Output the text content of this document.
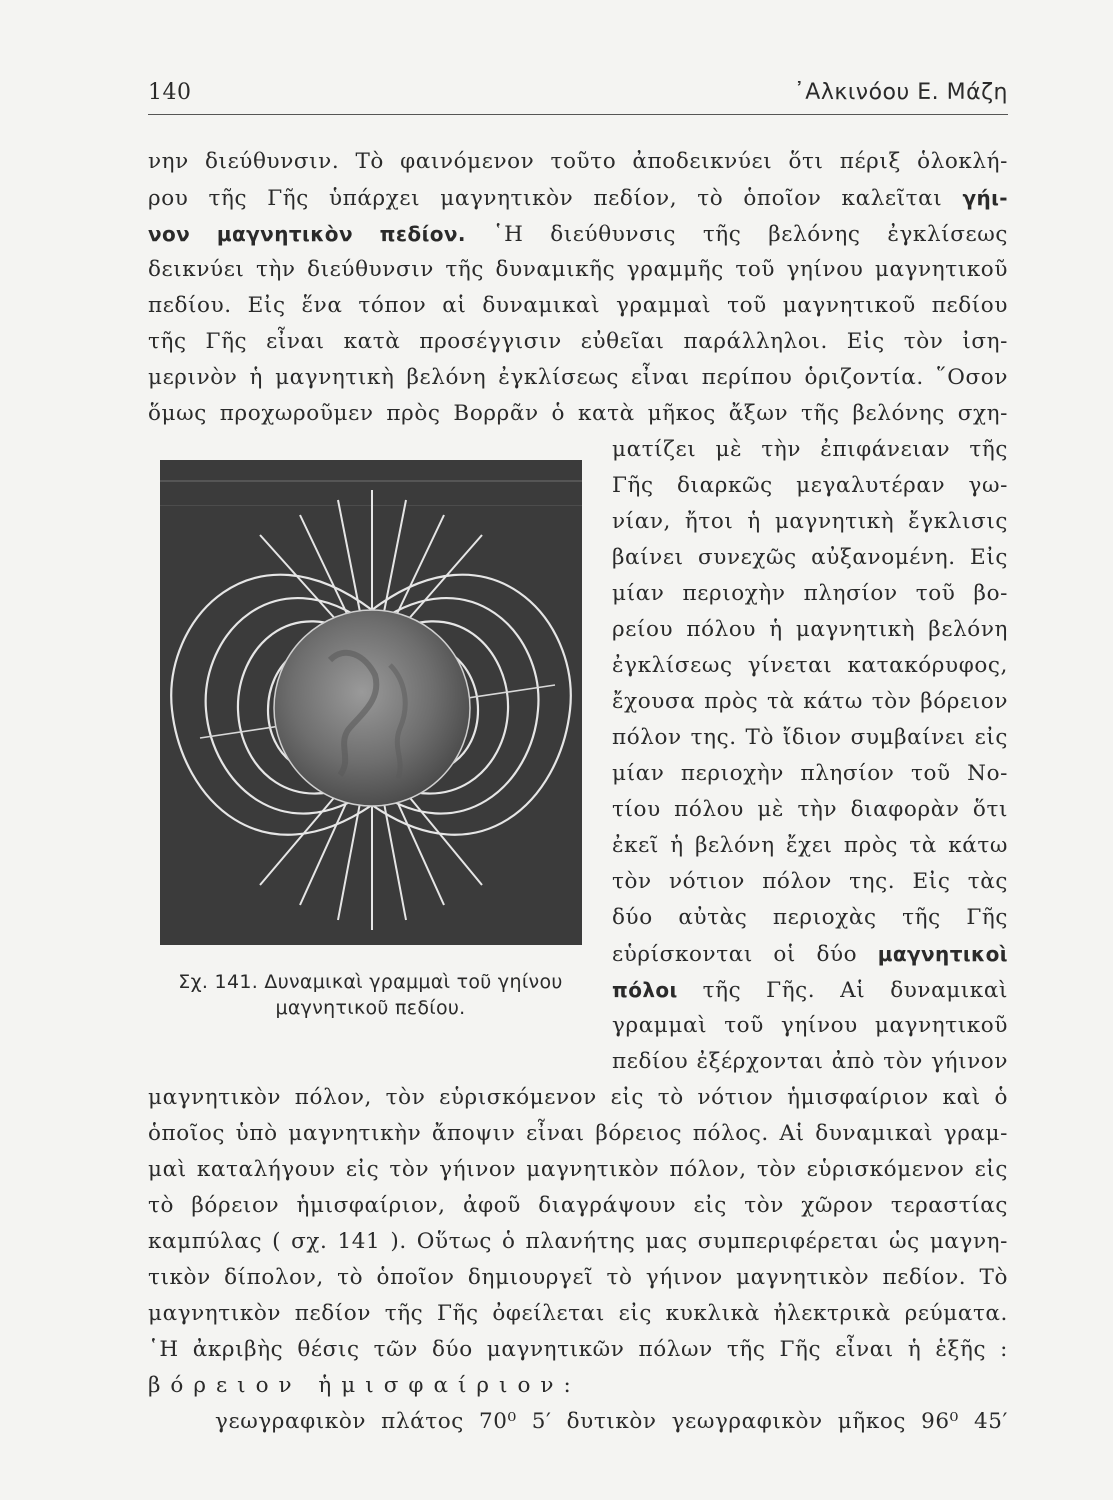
140	᾿Αλκινόου Ε. Μάζη
νην διεύθυνσιν. Τὸ φαινόμενον τοῦτο ἀποδεικνύει ὅτι πέριξ ὁλοκλή-
ρου τῆς Γῆς ὑπάρχει μαγνητικὸν πεδίον, τὸ ὁποῖον καλεῖται γήι-
νον μαγνητικὸν πεδίον. ῾Η διεύθυνσις τῆς βελόνης ἐγκλίσεως
δεικνύει τὴν διεύθυνσιν τῆς δυναμικῆς γραμμῆς τοῦ γηίνου μαγνητικοῦ
πεδίου. Εἰς ἕνα τόπον αἱ δυναμικαὶ γραμμαὶ τοῦ μαγνητικοῦ πεδίου
τῆς Γῆς εἶναι κατὰ προσέγγισιν εὐθεῖαι παράλληλοι. Εἰς τὸν ἰση-
μερινὸν ἡ μαγνητικὴ βελόνη ἐγκλίσεως εἶναι περίπου ὁριζοντία. ῞Οσον
ὅμως προχωροῦμεν πρὸς Βορρᾶν ὁ κατὰ μῆκος ἄξων τῆς βελόνης σχη-
ματίζει μὲ τὴν ἐπιφάνειαν τῆς
Γῆς διαρκῶς μεγαλυτέραν γω-
νίαν, ἤτοι ἡ μαγνητικὴ ἔγκλισις
βαίνει συνεχῶς αὐξανομένη. Εἰς
μίαν περιοχὴν πλησίον τοῦ βο-
ρείου πόλου ἡ μαγνητικὴ βελόνη
ἐγκλίσεως γίνεται κατακόρυφος,
ἔχουσα πρὸς τὰ κάτω τὸν βόρειον
πόλον της. Τὸ ἴδιον συμβαίνει εἰς
μίαν περιοχὴν πλησίον τοῦ Νο-
τίου πόλου μὲ τὴν διαφορὰν ὅτι
ἐκεῖ ἡ βελόνη ἔχει πρὸς τὰ κάτω
τὸν νότιον πόλον της. Εἰς τὰς
δύο αὐτὰς περιοχὰς τῆς Γῆς
εὑρίσκονται οἱ δύο μαγνητικοὶ
πόλοι τῆς Γῆς. Αἱ δυναμικαὶ
γραμμαὶ τοῦ γηίνου μαγνητικοῦ
πεδίου ἐξέρχονται ἀπὸ τὸν γήινον
Σχ. 141. Δυναμικαὶ γραμμαὶ τοῦ γηίνου
μαγνητικοῦ πεδίου.
μαγνητικὸν πόλον, τὸν εὑρισκόμενον εἰς τὸ νότιον ἡμισφαίριον καὶ ὁ
ὁποῖος ὑπὸ μαγνητικὴν ἄποψιν εἶναι βόρειος πόλος. Αἱ δυναμικαὶ γραμ-
μαὶ καταλήγουν εἰς τὸν γήινον μαγνητικὸν πόλον, τὸν εὑρισκόμενον εἰς
τὸ βόρειον ἡμισφαίριον, ἀφοῦ διαγράψουν εἰς τὸν χῶρον τεραστίας
καμπύλας ( σχ. 141 ). Οὕτως ὁ πλανήτης μας συμπεριφέρεται ὡς μαγνη-
τικὸν δίπολον, τὸ ὁποῖον δημιουργεῖ τὸ γήινον μαγνητικὸν πεδίον. Τὸ
μαγνητικὸν πεδίον τῆς Γῆς ὀφείλεται εἰς κυκλικὰ ἠλεκτρικὰ ρεύματα.
῾Η ἀκριβὴς θέσις τῶν δύο μαγνητικῶν πόλων τῆς Γῆς εἶναι ἡ ἑξῆς :
βόρειον ἡμισφαίριον:
γεωγραφικὸν πλάτος 70⁰ 5′ δυτικὸν γεωγραφικὸν μῆκος 96⁰ 45′
